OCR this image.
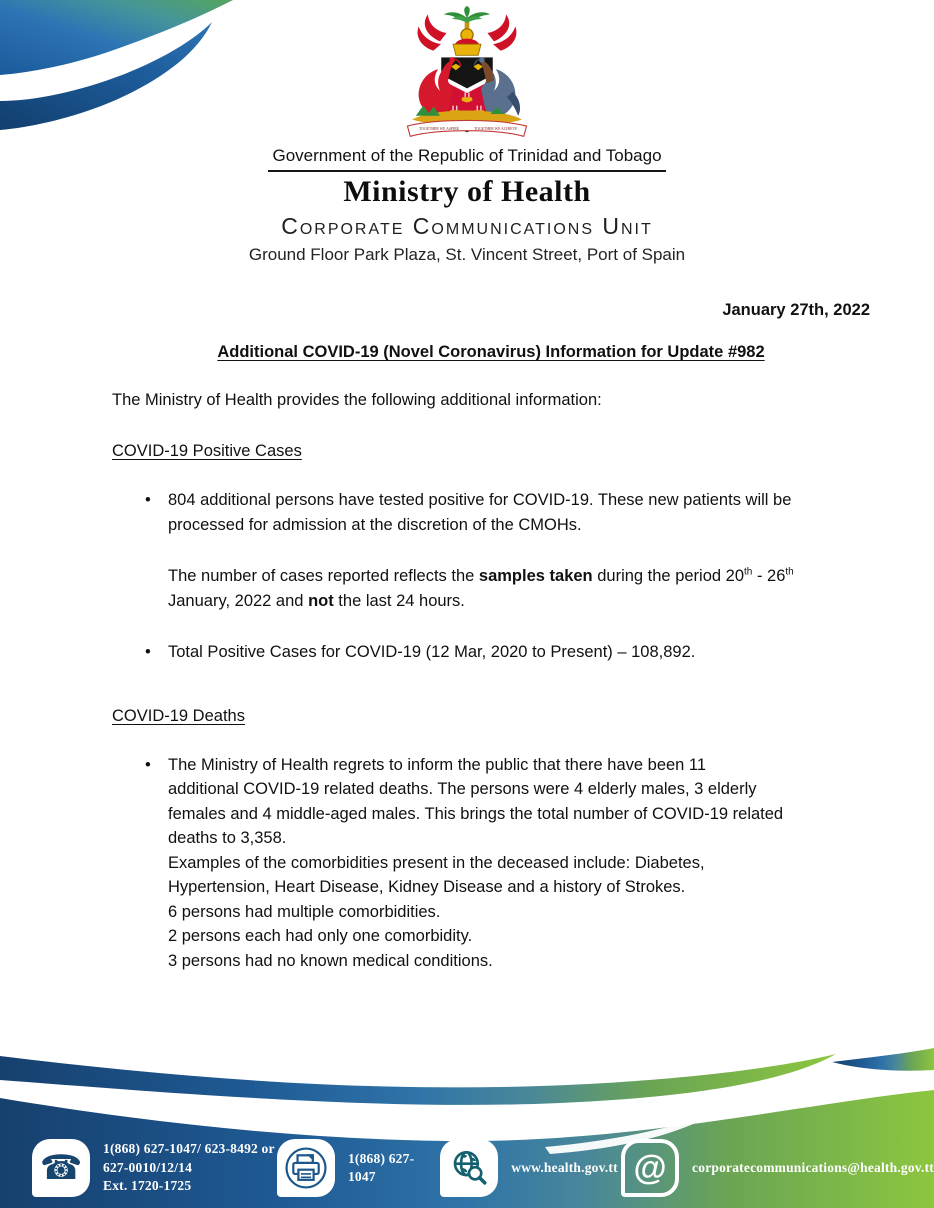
TOGETHER WE ASPIRE	TOGETHER WE ACHIEVE
Government of the Republic of Trinidad and Tobago
Ministry of Health
Corporate Communications Unit
Ground Floor Park Plaza, St. Vincent Street, Port of Spain
January 27th, 2022
Additional COVID-19 (Novel Coronavirus) Information for Update #982
The Ministry of Health provides the following additional information:
COVID-19 Positive Cases
•	804 additional persons have tested positive for COVID-19. These new patients will be
processed for admission at the discretion of the CMOHs.
The number of cases reported reflects the samples taken during the period 20th - 26th
January, 2022 and not the last 24 hours.
•	Total Positive Cases for COVID-19 (12 Mar, 2020 to Present) – 108,892.
COVID-19 Deaths
•	The Ministry of Health regrets to inform the public that there have been 11
additional COVID-19 related deaths. The persons were 4 elderly males, 3 elderly
females and 4 middle-aged males. This brings the total number of COVID-19 related
deaths to 3,358.
Examples of the comorbidities present in the deceased include: Diabetes,
Hypertension, Heart Disease, Kidney Disease and a history of Strokes.
6 persons had multiple comorbidities.
2 persons each had only one comorbidity.
3 persons had no known medical conditions.
☎ 1(868) 627-1047/ 623-8492 or
627-0010/12/14
Ext. 1720-1725
1(868) 627-1047
www.health.gov.tt @ corporatecommunications@health.gov.tt
